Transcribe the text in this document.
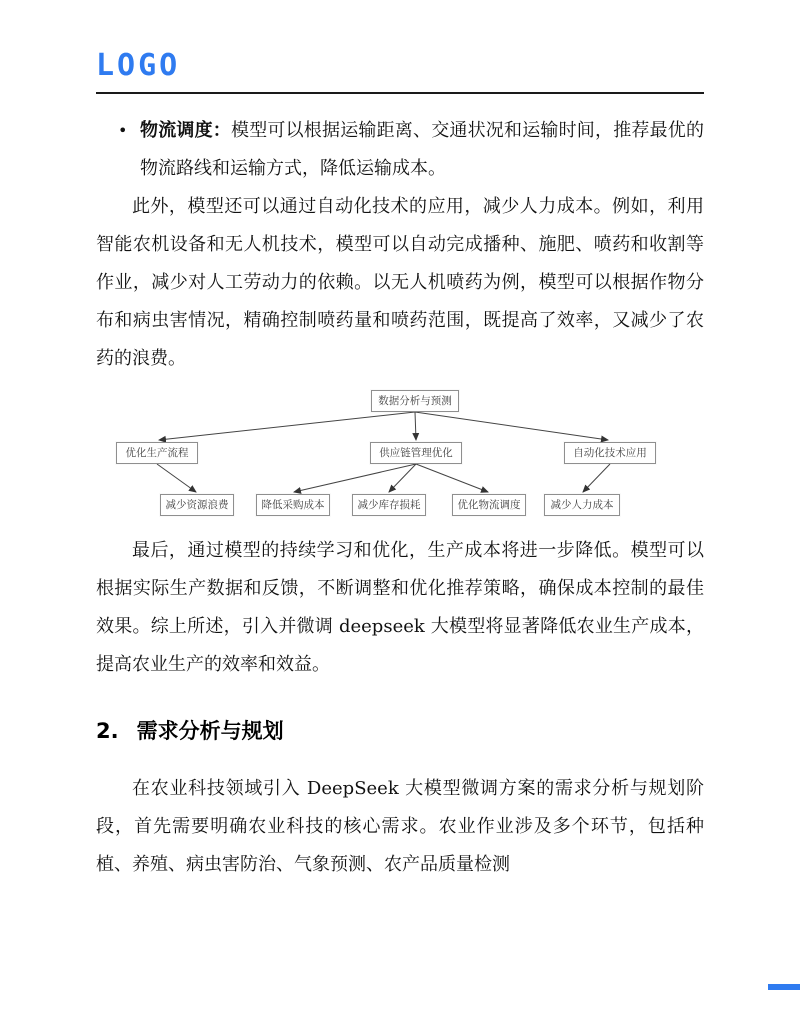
LOGO
• 物流调度：模型可以根据运输距离、交通状况和运输时间，推荐最优的物流路线和运输方式，降低运输成本。

此外，模型还可以通过自动化技术的应用，减少人力成本。例如，利用智能农机设备和无人机技术，模型可以自动完成播种、施肥、喷药和收割等作业，减少对人工劳动力的依赖。以无人机喷药为例，模型可以根据作物分布和病虫害情况，精确控制喷药量和喷药范围，既提高了效率，又减少了农药的浪费。

数据分析与预测
优化生产流程	供应链管理优化	自动化技术应用
减少资源浪费	降低采购成本	减少库存损耗	优化物流调度	减少人力成本

最后，通过模型的持续学习和优化，生产成本将进一步降低。模型可以根据实际生产数据和反馈，不断调整和优化推荐策略，确保成本控制的最佳效果。综上所述，引入并微调 deepseek 大模型将显著降低农业生产成本，提高农业生产的效率和效益。

2. 需求分析与规划

在农业科技领域引入 DeepSeek 大模型微调方案的需求分析与规划阶段，首先需要明确农业科技的核心需求。农业作业涉及多个环节，包括种植、养殖、病虫害防治、气象预测、农产品质量检测
